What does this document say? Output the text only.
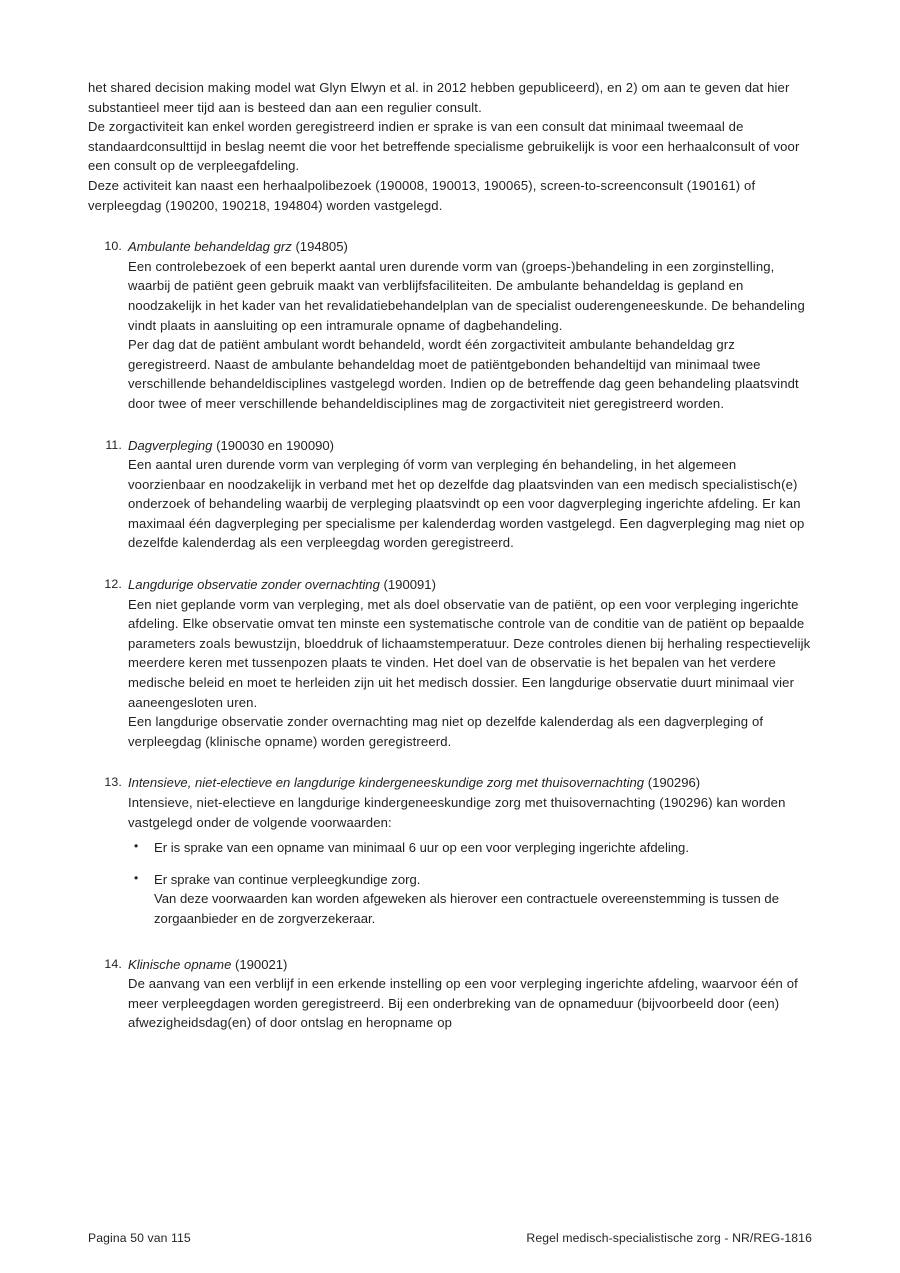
het shared decision making model wat Glyn Elwyn et al. in 2012 hebben gepubliceerd), en 2) om aan te geven dat hier substantieel meer tijd aan is besteed dan aan een regulier consult.

De zorgactiviteit kan enkel worden geregistreerd indien er sprake is van een consult dat minimaal tweemaal de standaardconsulttijd in beslag neemt die voor het betreffende specialisme gebruikelijk is voor een herhaalconsult of voor een consult op de verpleegafdeling.

Deze activiteit kan naast een herhaalpolibezoek (190008, 190013, 190065), screen-to-screenconsult (190161) of verpleegdag (190200, 190218, 194804) worden vastgelegd.

10. Ambulante behandeldag grz (194805)

Een controlebezoek of een beperkt aantal uren durende vorm van (groeps-)behandeling in een zorginstelling, waarbij de patiënt geen gebruik maakt van verblijfsfaciliteiten. De ambulante behandeldag is gepland en noodzakelijk in het kader van het revalidatiebehandelplan van de specialist ouderengeneeskunde. De behandeling vindt plaats in aansluiting op een intramurale opname of dagbehandeling.

Per dag dat de patiënt ambulant wordt behandeld, wordt één zorgactiviteit ambulante behandeldag grz geregistreerd. Naast de ambulante behandeldag moet de patiëntgebonden behandeltijd van minimaal twee verschillende behandeldisciplines vastgelegd worden. Indien op de betreffende dag geen behandeling plaatsvindt door twee of meer verschillende behandeldisciplines mag de zorgactiviteit niet geregistreerd worden.

11. Dagverpleging (190030 en 190090)

Een aantal uren durende vorm van verpleging óf vorm van verpleging én behandeling, in het algemeen voorzienbaar en noodzakelijk in verband met het op dezelfde dag plaatsvinden van een medisch specialistisch(e) onderzoek of behandeling waarbij de verpleging plaatsvindt op een voor dagverpleging ingerichte afdeling. Er kan maximaal één dagverpleging per specialisme per kalenderdag worden vastgelegd. Een dagverpleging mag niet op dezelfde kalenderdag als een verpleegdag worden geregistreerd.

12. Langdurige observatie zonder overnachting (190091)

Een niet geplande vorm van verpleging, met als doel observatie van de patiënt, op een voor verpleging ingerichte afdeling. Elke observatie omvat ten minste een systematische controle van de conditie van de patiënt op bepaalde parameters zoals bewustzijn, bloeddruk of lichaamstemperatuur. Deze controles dienen bij herhaling respectievelijk meerdere keren met tussenpozen plaats te vinden. Het doel van de observatie is het bepalen van het verdere medische beleid en moet te herleiden zijn uit het medisch dossier. Een langdurige observatie duurt minimaal vier aaneengesloten uren.

Een langdurige observatie zonder overnachting mag niet op dezelfde kalenderdag als een dagverpleging of verpleegdag (klinische opname) worden geregistreerd.

13. Intensieve, niet-electieve en langdurige kindergeneeskundige zorg met thuisovernachting (190296)

Intensieve, niet-electieve en langdurige kindergeneeskundige zorg met thuisovernachting (190296) kan worden vastgelegd onder de volgende voorwaarden:

• Er is sprake van een opname van minimaal 6 uur op een voor verpleging ingerichte afdeling.
• Er sprake van continue verpleegkundige zorg.
Van deze voorwaarden kan worden afgeweken als hierover een contractuele overeenstemming is tussen de zorgaanbieder en de zorgverzekeraar.
14. Klinische opname (190021)

De aanvang van een verblijf in een erkende instelling op een voor verpleging ingerichte afdeling, waarvoor één of meer verpleegdagen worden geregistreerd. Bij een onderbreking van de opnameduur (bijvoorbeeld door (een) afwezigheidsdag(en) of door ontslag en heropname op

Pagina 50 van 115	Regel medisch-specialistische zorg - NR/REG-1816
